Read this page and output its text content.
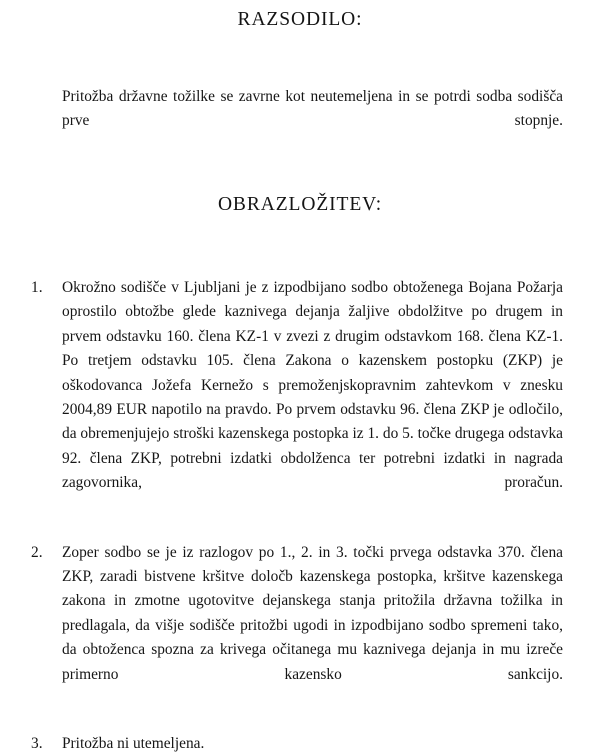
RAZSODILO:
Pritožba državne tožilke se zavrne kot neutemeljena in se potrdi sodba sodišča prve stopnje.
OBRAZLOŽITEV:
1.	Okrožno sodišče v Ljubljani je z izpodbijano sodbo obtoženega Bojana Požarja oprostilo obtožbe glede kaznivega dejanja žaljive obdolžitve po drugem in prvem odstavku 160. člena KZ-1 v zvezi z drugim odstavkom 168. člena KZ-1. Po tretjem odstavku 105. člena Zakona o kazenskem postopku (ZKP) je oškodovanca Jožefa Kernežo s premoženjskopravnim zahtevkom v znesku 2004,89 EUR napotilo na pravdo. Po prvem odstavku 96. člena ZKP je odločilo, da obremenjujejo stroški kazenskega postopka iz 1. do 5. točke drugega odstavka 92. člena ZKP, potrebni izdatki obdolženca ter potrebni izdatki in nagrada zagovornika, proračun.
2.	Zoper sodbo se je iz razlogov po 1., 2. in 3. točki prvega odstavka 370. člena ZKP, zaradi bistvene kršitve določb kazenskega postopka, kršitve kazenskega zakona in zmotne ugotovitve dejanskega stanja pritožila državna tožilka in predlagala, da višje sodišče pritožbi ugodi in izpodbijano sodbo spremeni tako, da obtoženca spozna za krivega očitanega mu kaznivega dejanja in mu izreče primerno kazensko sankcijo.
3.	Pritožba ni utemeljena.
